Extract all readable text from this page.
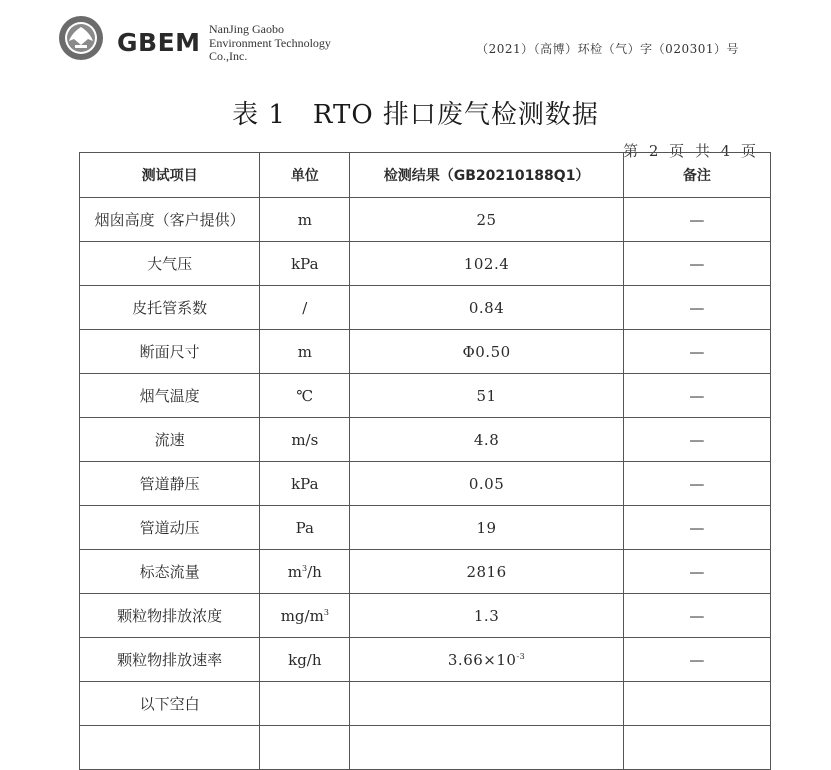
GBEM NanJing Gaobo
Environment Technology
Co.,Inc.	（2021）（高博）环检（气）字（020301）号
表 1　RTO 排口废气检测数据
第 2 页 共 4 页
测试项目	单位	检测结果（GB20210188Q1）	备注
烟囱高度（客户提供）	m	25	—
大气压	kPa	102.4	—
皮托管系数	/	0.84	—
断面尺寸	m	Φ0.50	—
烟气温度	℃	51	—
流速	m/s	4.8	—
管道静压	kPa	0.05	—
管道动压	Pa	19	—
标态流量	$m^3/h$	2816	—
颗粒物排放浓度	$mg/m^3$	1.3	—
颗粒物排放速率	kg/h	$3.66\times 10^{-3}$	—
以下空白			
